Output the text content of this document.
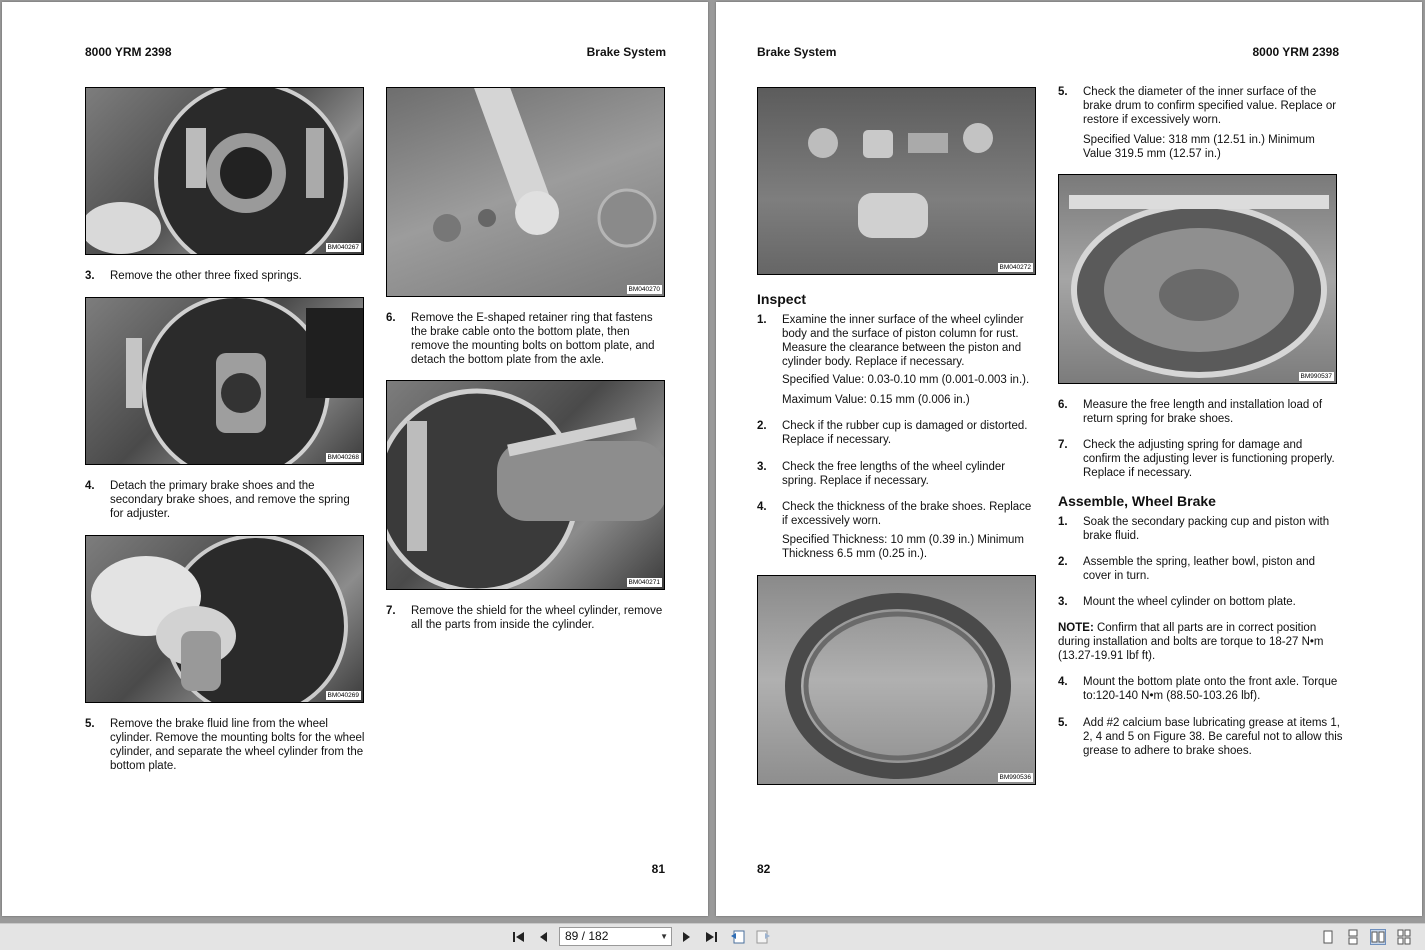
8000 YRM 2398	Brake System
BM040267
3. Remove the other three fixed springs.
BM040268
4. Detach the primary brake shoes and the secondary brake shoes, and remove the spring for adjuster.
BM040269
5. Remove the brake fluid line from the wheel cylinder. Remove the mounting bolts for the wheel cylinder, and separate the wheel cylinder from the bottom plate.
BM040270
6. Remove the E-shaped retainer ring that fastens the brake cable onto the bottom plate, then remove the mounting bolts on bottom plate, and detach the bottom plate from the axle.
BM040271
7. Remove the shield for the wheel cylinder, remove all the parts from inside the cylinder.
81
Brake System	8000 YRM 2398
BM040272
Inspect
1. Examine the inner surface of the wheel cylinder body and the surface of piston column for rust. Measure the clearance between the piston and cylinder body. Replace if necessary.
Specified Value: 0.03-0.10 mm (0.001-0.003 in.).
Maximum Value: 0.15 mm (0.006 in.)
2. Check if the rubber cup is damaged or distorted. Replace if necessary.
3. Check the free lengths of the wheel cylinder spring. Replace if necessary.
4. Check the thickness of the brake shoes. Replace if excessively worn.
Specified Thickness: 10 mm (0.39 in.) Minimum Thickness 6.5 mm (0.25 in.).
BM990536
5. Check the diameter of the inner surface of the brake drum to confirm specified value. Replace or restore if excessively worn.
Specified Value: 318 mm (12.51 in.) Minimum Value 319.5 mm (12.57 in.)
BM990537
6. Measure the free length and installation load of return spring for brake shoes.
7. Check the adjusting spring for damage and confirm the adjusting lever is functioning properly. Replace if necessary.
Assemble, Wheel Brake
1. Soak the secondary packing cup and piston with brake fluid.
2. Assemble the spring, leather bowl, piston and cover in turn.
3. Mount the wheel cylinder on bottom plate.
NOTE: Confirm that all parts are in correct position during installation and bolts are torque to 18-27 N•m (13.27-19.91 lbf ft).
4. Mount the bottom plate onto the front axle. Torque to:120-140 N•m (88.50-103.26 lbf).
5. Add #2 calcium base lubricating grease at items 1, 2, 4 and 5 on Figure 38. Be careful not to allow this grease to adhere to brake shoes.
82
89 / 182	▼
